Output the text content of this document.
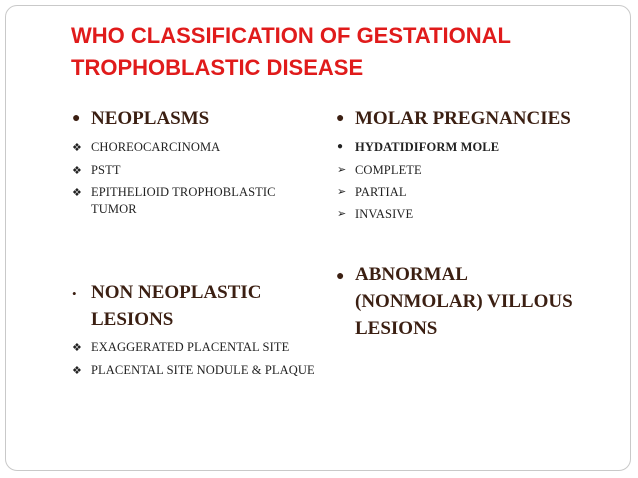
WHO CLASSIFICATION OF GESTATIONAL
TROPHOBLASTIC DISEASE
● NEOPLASMS
❖ CHOREOCARCINOMA
❖ PSTT
❖ EPITHELIOID TROPHOBLASTIC
TUMOR
• NON NEOPLASTIC
LESIONS
❖ EXAGGERATED PLACENTAL SITE
❖ PLACENTAL SITE NODULE & PLAQUE
● MOLAR PREGNANCIES
● HYDATIDIFORM MOLE
➢ COMPLETE
➢ PARTIAL
➢ INVASIVE
● ABNORMAL
(NONMOLAR) VILLOUS
LESIONS
